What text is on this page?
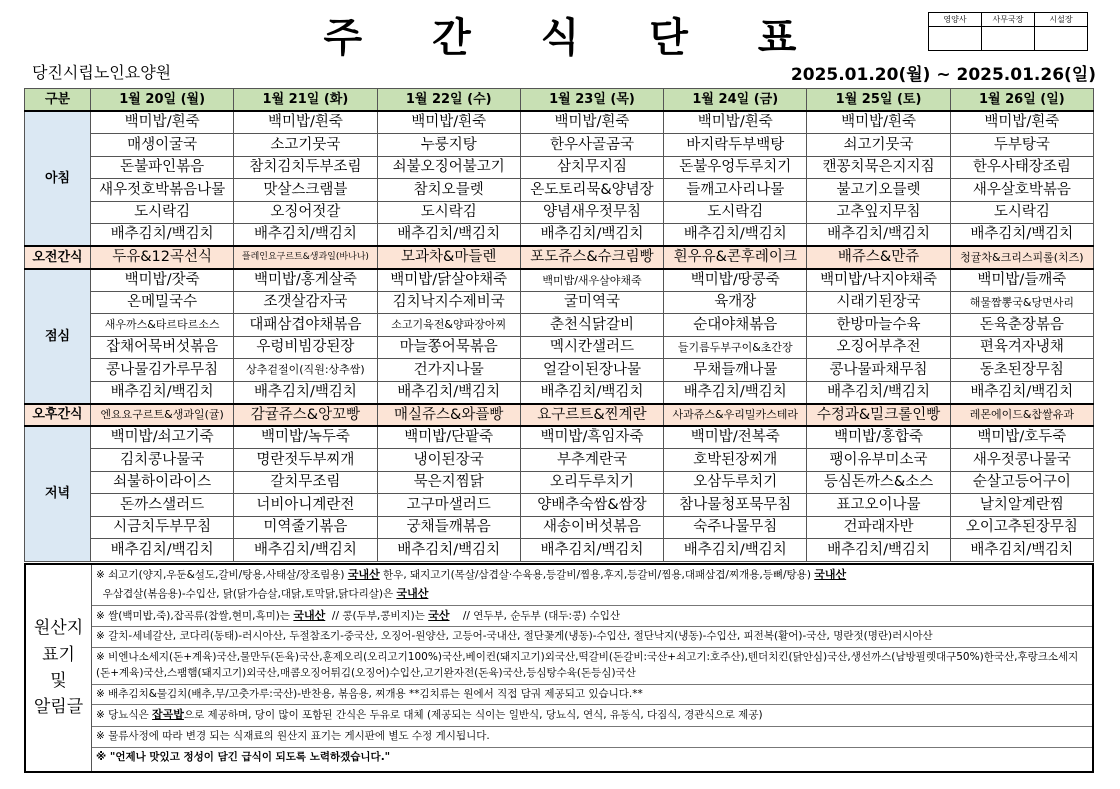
주 간 식 단 표	영양사	사무국장	시설장

당진시립노인요양원	2025.01.20(월) ~ 2025.01.26(일)
구분	1월 20일 (월)	1월 21일 (화)	1월 22일 (수)	1월 23일 (목)	1월 24일 (금)	1월 25일 (토)	1월 26일 (일)
아침	백미밥/흰죽	백미밥/흰죽	백미밥/흰죽	백미밥/흰죽	백미밥/흰죽	백미밥/흰죽	백미밥/흰죽
	매생이굴국	소고기뭇국	누룽지탕	한우사골곰국	바지락두부백탕	쇠고기뭇국	두부탕국
	돈불파인볶음	참치김치두부조림	쇠불오징어불고기	삼치무지짐	돈불우엉두루치기	캔꽁치묵은지지짐	한우사태장조림
	새우젓호박볶음나물	맛살스크램블	참치오믈렛	온도토리묵&양념장	들깨고사리나물	불고기오믈렛	새우살호박볶음
	도시락김	오징어젓갈	도시락김	양념새우젓무침	도시락김	고추잎지무침	도시락김
	배추김치/백김치	배추김치/백김치	배추김치/백김치	배추김치/백김치	배추김치/백김치	배추김치/백김치	배추김치/백김치
오전간식	두유&12곡선식	플레인요구르트&생과일(바나나)	모과차&마들렌	포도쥬스&슈크림빵	흰우유&콘후레이크	배쥬스&만쥬	청귤차&크리스피롤(치즈)
점심	백미밥/잣죽	백미밥/홍게살죽	백미밥/닭살야채죽	백미밥/새우살야채죽	백미밥/땅콩죽	백미밥/낙지야채죽	백미밥/들깨죽
	온메밀국수	조갯살감자국	김치낙지수제비국	굴미역국	육개장	시래기된장국	해물짬뽕국&당면사리
	새우까스&타르타르소스	대패삼겹야채볶음	소고기육전&양파장아찌	춘천식닭갈비	순대야채볶음	한방마늘수육	돈육춘장볶음
	잡채어묵버섯볶음	우렁비빔강된장	마늘쫑어묵볶음	멕시칸샐러드	들기름두부구이&초간장	오징어부추전	편육겨자냉채
	콩나물김가루무침	상추겉절이(직원:상추쌈)	건가지나물	얼갈이된장나물	무채들깨나물	콩나물파채무침	동초된장무침
	배추김치/백김치	배추김치/백김치	배추김치/백김치	배추김치/백김치	배추김치/백김치	배추김치/백김치	배추김치/백김치
오후간식	엔요요구르트&생과일(귤)	감귤쥬스&앙꼬빵	매실쥬스&와플빵	요구르트&찐계란	사과쥬스&우리밀카스테라	수정과&밀크롤인빵	레몬에이드&찹쌀유과
저녁	백미밥/쇠고기죽	백미밥/녹두죽	백미밥/단팥죽	백미밥/흑임자죽	백미밥/전복죽	백미밥/홍합죽	백미밥/호두죽
	김치콩나물국	명란젓두부찌개	냉이된장국	부추계란국	호박된장찌개	팽이유부미소국	새우젓콩나물국
	쇠불하이라이스	갈치무조림	묵은지찜닭	오리두루치기	오삼두루치기	등심돈까스&소스	순살고등어구이
	돈까스샐러드	너비아니계란전	고구마샐러드	양배추숙쌈&쌈장	참나물청포묵무침	표고오이나물	날치알계란찜
	시금치두부무침	미역줄기볶음	궁채들깨볶음	새송이버섯볶음	숙주나물무침	건파래자반	오이고추된장무침
	배추김치/백김치	배추김치/백김치	배추김치/백김치	배추김치/백김치	배추김치/백김치	배추김치/백김치	배추김치/백김치
원산지
표기
및
알림글
※ 쇠고기(양지,우둔&설도,갈비/탕용,사태살/장조림용) 국내산 한우, 돼지고기(목살/삼겹살·수육용,등갈비/찜용,후지,등갈비/찜용,대패삼겹/찌개용,등뼈/탕용) 국내산
우삼겹살(볶음용)-수입산, 닭(닭가슴살,대닭,토막닭,닭다리살)은 국내산
※ 쌀(백미밥,죽),잡곡류(찹쌀,현미,흑미)는 국내산  // 콩(두부,콩비지)는 국산    // 연두부, 순두부 (대두:콩) 수입산
※ 갈치-세네갈산, 코다리(동태)-러시아산, 두절참조기-중국산, 오징어-원양산, 고등어-국내산, 절단꽃게(냉동)-수입산, 절단낙지(냉동)-수입산, 피전복(활어)-국산, 명란젓(명란)러시아산
※ 비엔나소세지(돈+계육)국산,물만두(돈육)국산,훈제오리(오리고기100%)국산,베이컨(돼지고기)외국산,떡갈비(돈갈비:국산+쇠고기:호주산),텐더치킨(닭안심)국산,생선까스(남방필렛대구50%)한국산,후랑크소세지(돈+계육)국산,스팸햄(돼지고기)외국산,매콤오징어튀김(오징어)수입산,고기완자전(돈육)국산,등심탕수육(돈등심)국산
※ 배추김치&물김치(배추,무/고춧가루:국산)-반찬용, 볶음용, 찌개용 **김치류는 원에서 직접 담궈 제공되고 있습니다.**
※ 당뇨식은 잡곡밥으로 제공하며, 당이 많이 포함된 간식은 두유로 대체 (제공되는 식이는 일반식, 당뇨식, 연식, 유동식, 다짐식, 경관식으로 제공)
※ 물류사정에 따라 변경 되는 식재료의 원산지 표기는 게시판에 별도 수정 게시됩니다.
※ "언제나 맛있고 정성이 담긴 급식이 되도록 노력하겠습니다."
